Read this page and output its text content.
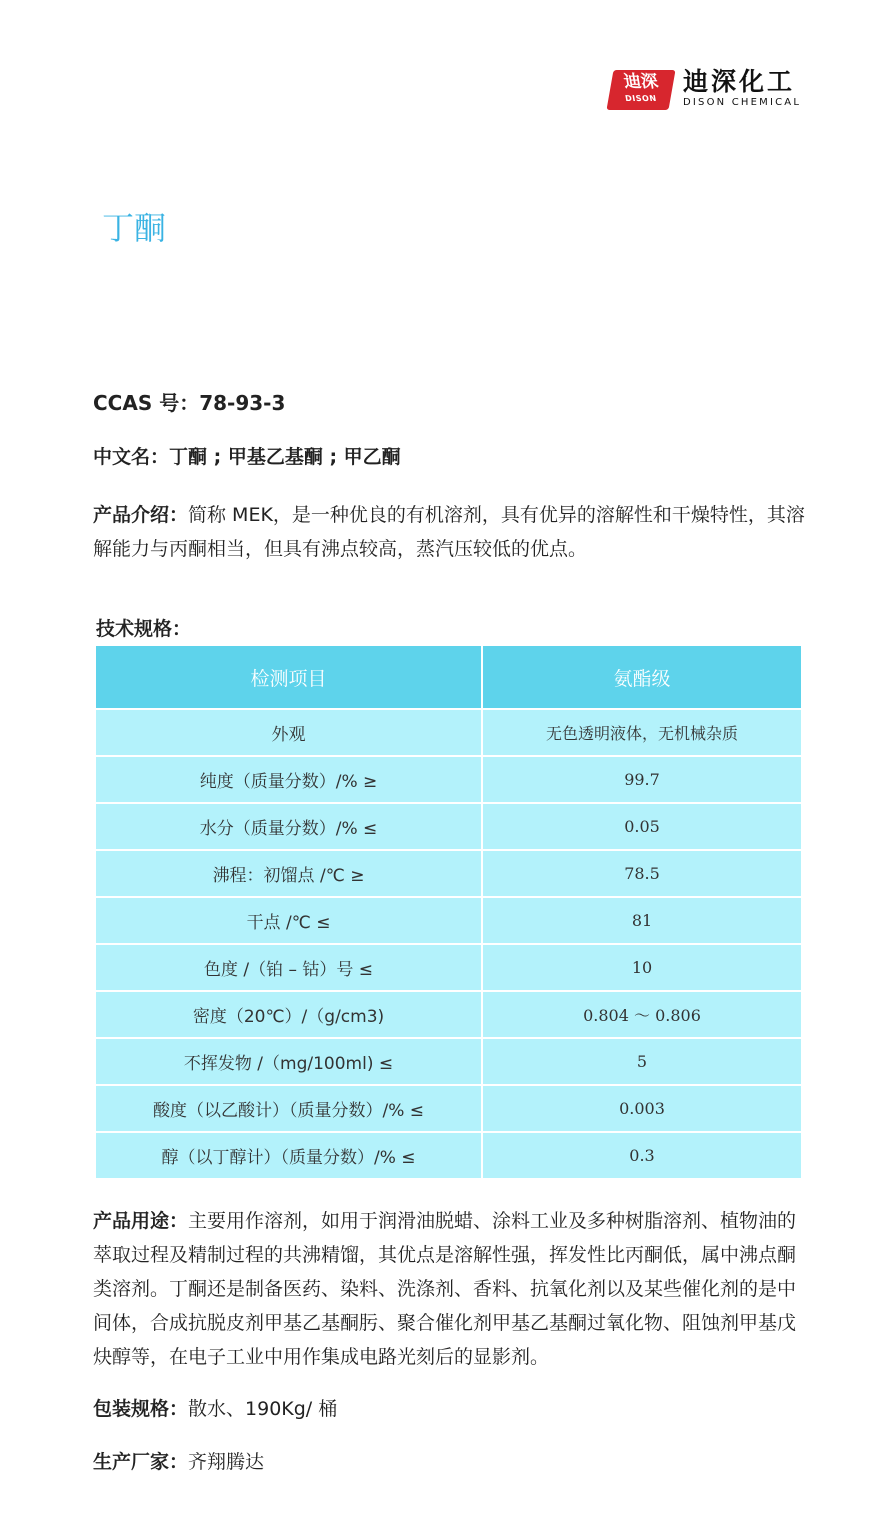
迪深
DISON
迪深化工
DISON CHEMICAL
丁酮

CCAS 号：78-93-3

中文名：丁酮 ; 甲基乙基酮 ; 甲乙酮

产品介绍：简称 MEK，是一种优良的有机溶剂，具有优异的溶解性和干燥特性，其溶解能力与丙酮相当，但具有沸点较高，蒸汽压较低的优点。

技术规格：

检测项目	氨酯级
外观	无色透明液体，无机械杂质
纯度（质量分数）/% ≥	99.7
水分（质量分数）/% ≤	0.05
沸程：初馏点 /℃ ≥	78.5
干点 /℃ ≤	81
色度 /（铂 – 钴）号 ≤	10
密度（20℃）/（g/cm3)	0.804 ～ 0.806
不挥发物 /（mg/100ml) ≤	5
酸度（以乙酸计）（质量分数）/% ≤	0.003
醇（以丁醇计）（质量分数）/% ≤	0.3

产品用途：主要用作溶剂，如用于润滑油脱蜡、涂料工业及多种树脂溶剂、植物油的萃取过程及精制过程的共沸精馏，其优点是溶解性强，挥发性比丙酮低，属中沸点酮类溶剂。丁酮还是制备医药、染料、洗涤剂、香料、抗氧化剂以及某些催化剂的是中间体，合成抗脱皮剂甲基乙基酮肟、聚合催化剂甲基乙基酮过氧化物、阻蚀剂甲基戊炔醇等，在电子工业中用作集成电路光刻后的显影剂。

包装规格：散水、190Kg/ 桶

生产厂家：齐翔腾达
